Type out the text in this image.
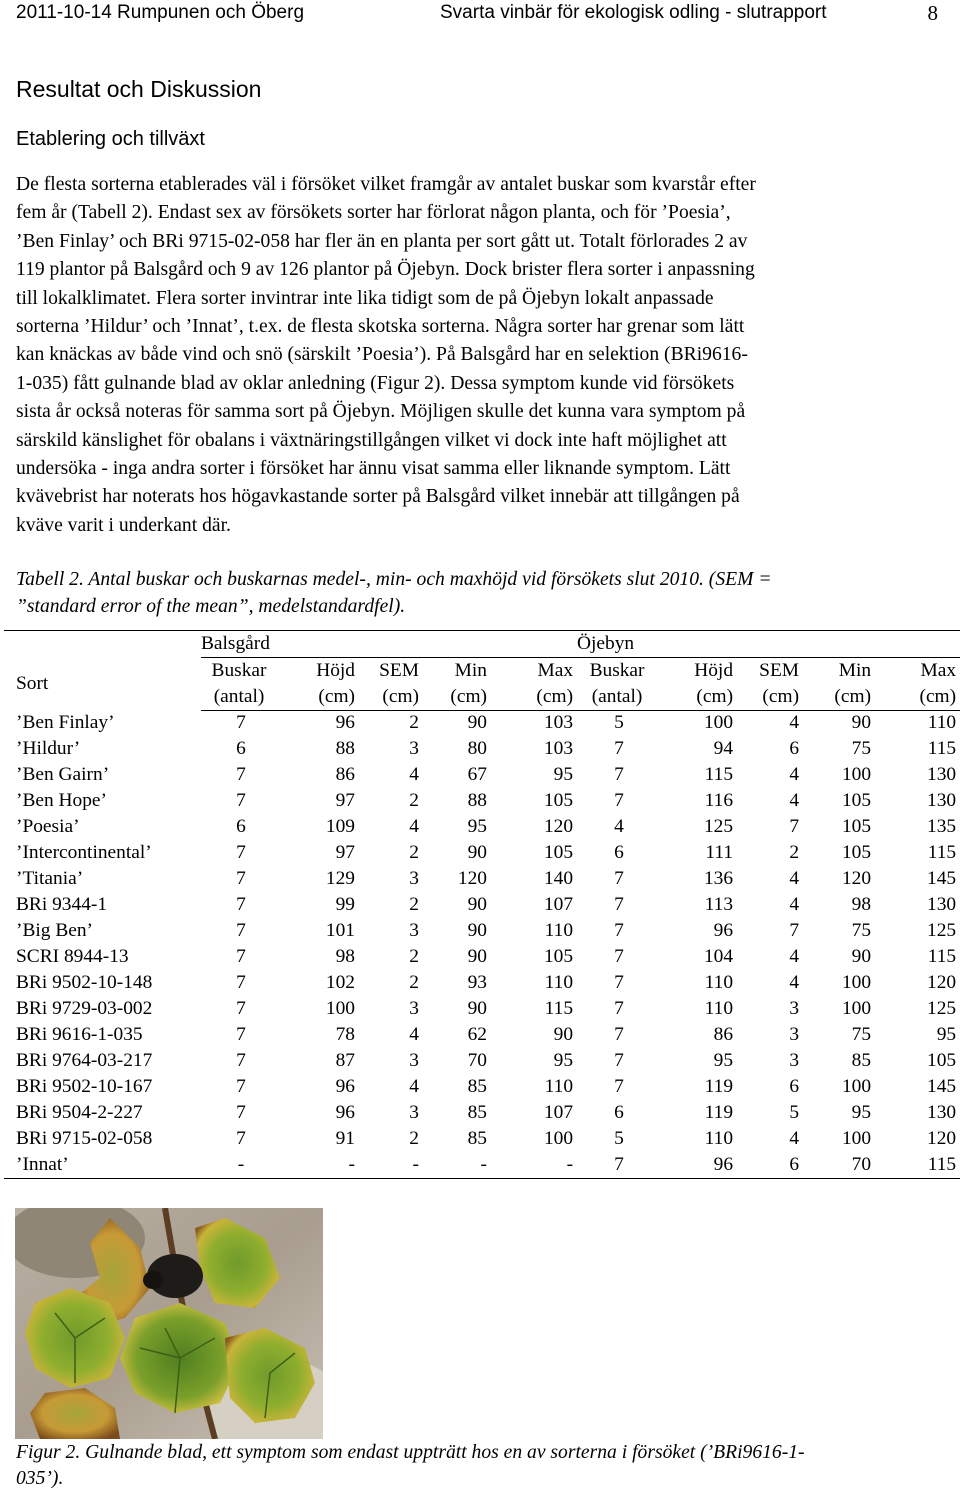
2011-10-14 Rumpunen och Öberg	Svarta vinbär för ekologisk odling - slutrapport	8
Resultat och Diskussion
Etablering och tillväxt
De flesta sorterna etablerades väl i försöket vilket framgår av antalet buskar som kvarstår efter
fem år (Tabell 2). Endast sex av försökets sorter har förlorat någon planta, och för ’Poesia’,
’Ben Finlay’ och BRi 9715-02-058 har fler än en planta per sort gått ut. Totalt förlorades 2 av
119 plantor på Balsgård och 9 av 126 plantor på Öjebyn. Dock brister flera sorter i anpassning
till lokalklimatet. Flera sorter invintrar inte lika tidigt som de på Öjebyn lokalt anpassade
sorterna ’Hildur’ och ’Innat’, t.ex. de flesta skotska sorterna. Några sorter har grenar som lätt
kan knäckas av både vind och snö (särskilt ’Poesia’). På Balsgård har en selektion (BRi9616-
1-035) fått gulnande blad av oklar anledning (Figur 2). Dessa symptom kunde vid försökets
sista år också noteras för samma sort på Öjebyn. Möjligen skulle det kunna vara symptom på
särskild känslighet för obalans i växtnäringstillgången vilket vi dock inte haft möjlighet att
undersöka - inga andra sorter i försöket har ännu visat samma eller liknande symptom. Lätt
kvävebrist har noterats hos högavkastande sorter på Balsgård vilket innebär att tillgången på
kväve varit i underkant där.
Tabell 2. Antal buskar och buskarnas medel-, min- och maxhöjd vid försökets slut 2010. (SEM =
”standard error of the mean”, medelstandardfel).
	Balsgård					Öjebyn				
Sort	Buskar	Höjd	SEM	Min	Max	Buskar	Höjd	SEM	Min	Max
	(antal)	(cm)	(cm)	(cm)	(cm)	(antal)	(cm)	(cm)	(cm)	(cm)
’Ben Finlay’	7	96	2	90	103	5	100	4	90	110
’Hildur’	6	88	3	80	103	7	94	6	75	115
’Ben Gairn’	7	86	4	67	95	7	115	4	100	130
’Ben Hope’	7	97	2	88	105	7	116	4	105	130
’Poesia’	6	109	4	95	120	4	125	7	105	135
’Intercontinental’	7	97	2	90	105	6	111	2	105	115
’Titania’	7	129	3	120	140	7	136	4	120	145
BRi 9344-1	7	99	2	90	107	7	113	4	98	130
’Big Ben’	7	101	3	90	110	7	96	7	75	125
SCRI 8944-13	7	98	2	90	105	7	104	4	90	115
BRi 9502-10-148	7	102	2	93	110	7	110	4	100	120
BRi 9729-03-002	7	100	3	90	115	7	110	3	100	125
BRi 9616-1-035	7	78	4	62	90	7	86	3	75	95
BRi 9764-03-217	7	87	3	70	95	7	95	3	85	105
BRi 9502-10-167	7	96	4	85	110	7	119	6	100	145
BRi 9504-2-227	7	96	3	85	107	6	119	5	95	130
BRi 9715-02-058	7	91	2	85	100	5	110	4	100	120
’Innat’	-	-	-	-	-	7	96	6	70	115
Figur 2. Gulnande blad, ett symptom som endast uppträtt hos en av sorterna i försöket (’BRi9616-1-
035’).
